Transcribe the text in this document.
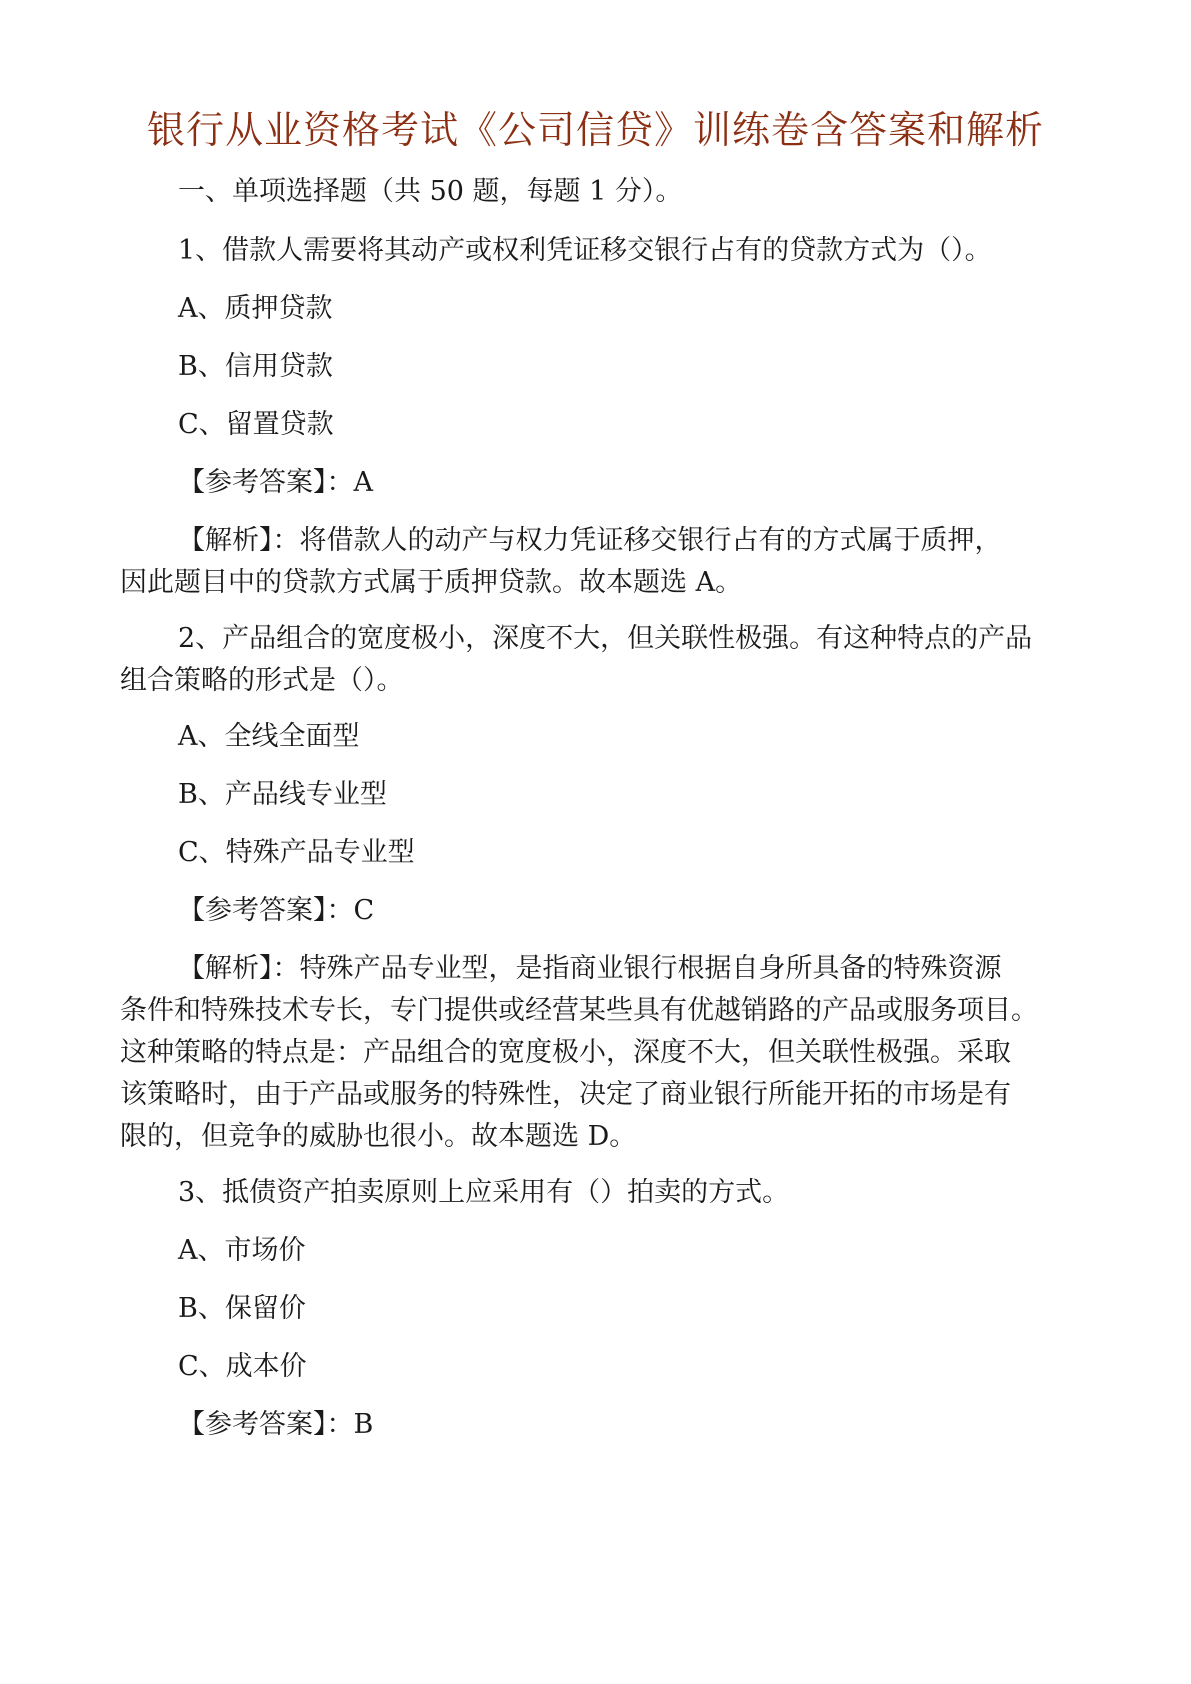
银行从业资格考试《公司信贷》训练卷含答案和解析
一、单项选择题（共 50 题，每题 1 分）。
1、借款人需要将其动产或权利凭证移交银行占有的贷款方式为（）。
A、质押贷款
B、信用贷款
C、留置贷款
【参考答案】：A
【解析】：将借款人的动产与权力凭证移交银行占有的方式属于质押，
因此题目中的贷款方式属于质押贷款。故本题选 A。
2、产品组合的宽度极小，深度不大，但关联性极强。有这种特点的产品
组合策略的形式是（）。
A、全线全面型
B、产品线专业型
C、特殊产品专业型
【参考答案】：C
【解析】：特殊产品专业型，是指商业银行根据自身所具备的特殊资源
条件和特殊技术专长，专门提供或经营某些具有优越销路的产品或服务项目。
这种策略的特点是：产品组合的宽度极小，深度不大，但关联性极强。采取
该策略时，由于产品或服务的特殊性，决定了商业银行所能开拓的市场是有
限的，但竞争的威胁也很小。故本题选 D。
3、抵债资产拍卖原则上应采用有（）拍卖的方式。
A、市场价
B、保留价
C、成本价
【参考答案】：B
